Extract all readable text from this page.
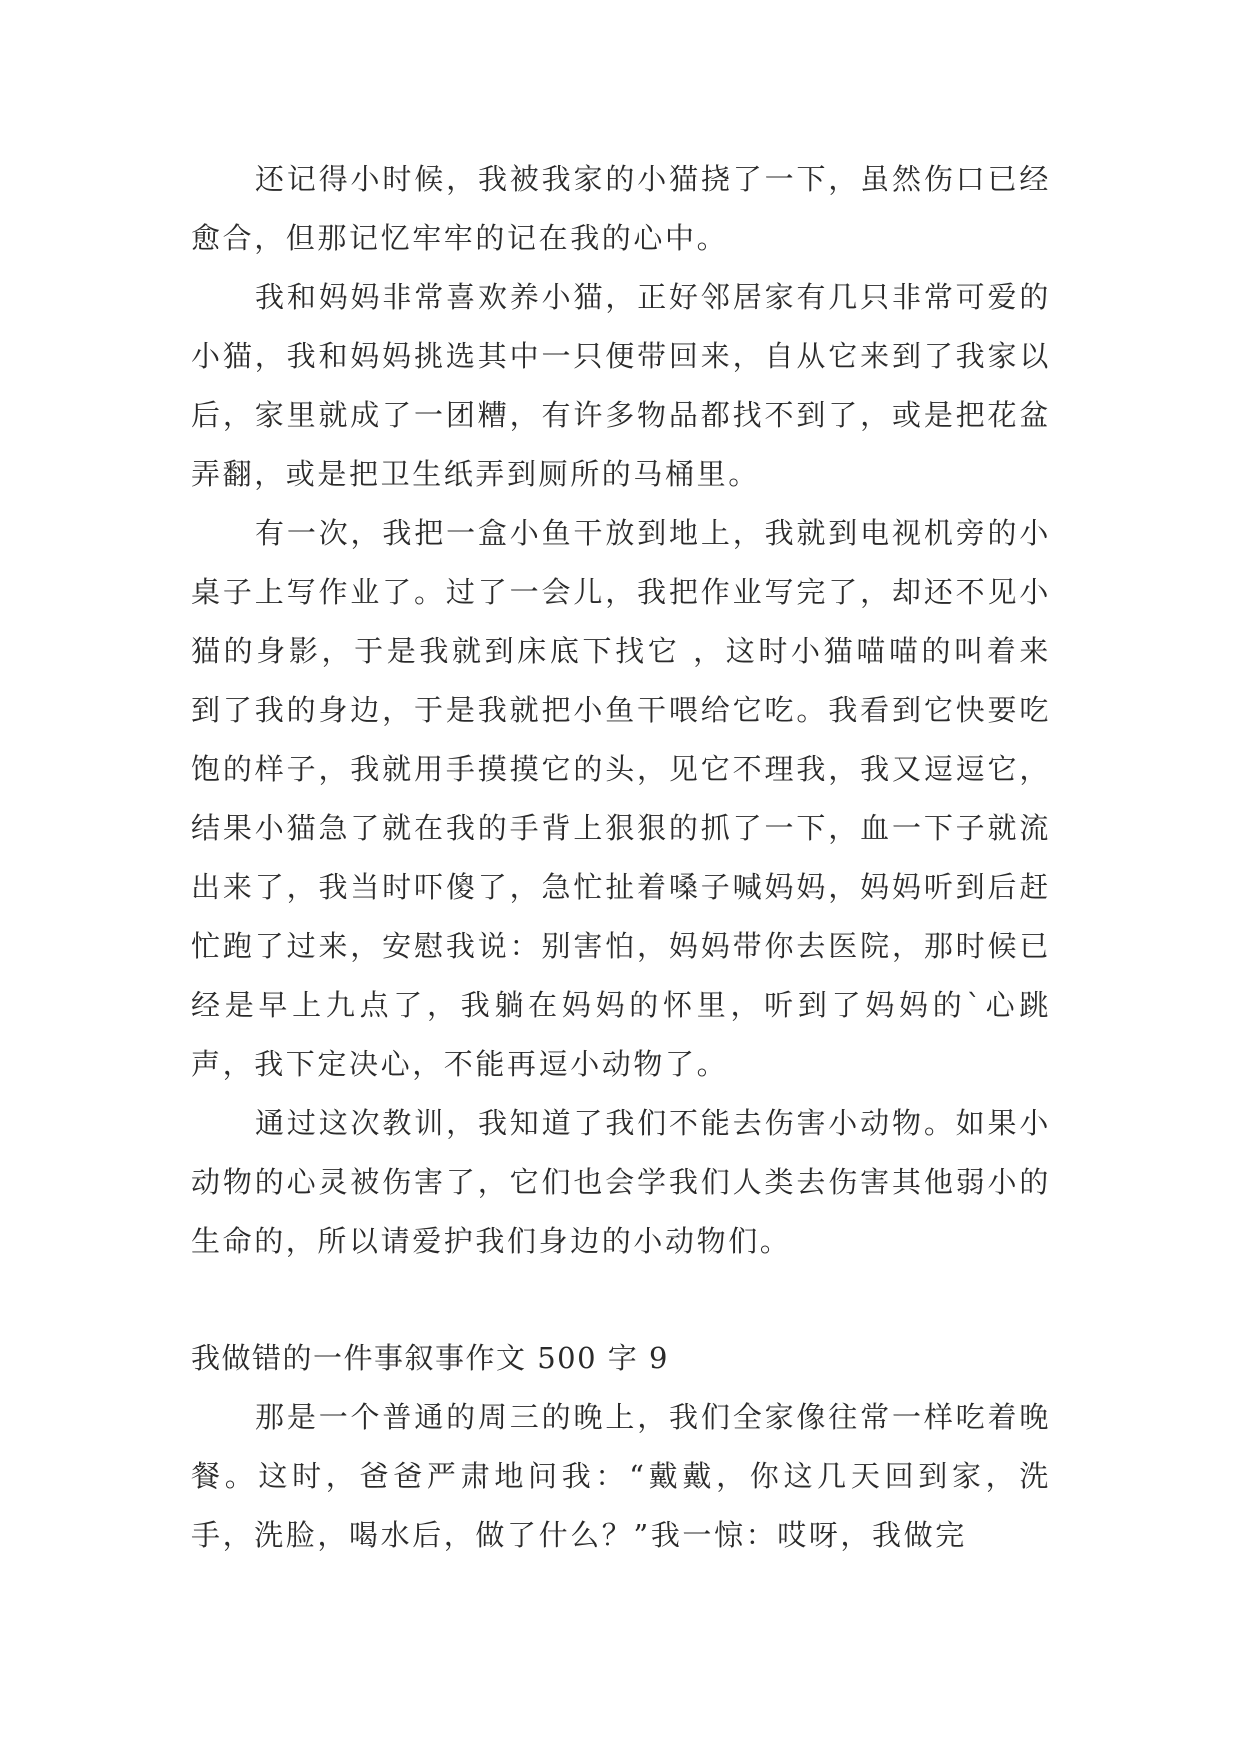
还记得小时候，我被我家的小猫挠了一下，虽然伤口已经愈合，但那记忆牢牢的记在我的心中。

我和妈妈非常喜欢养小猫，正好邻居家有几只非常可爱的小猫，我和妈妈挑选其中一只便带回来，自从它来到了我家以后，家里就成了一团糟，有许多物品都找不到了，或是把花盆弄翻，或是把卫生纸弄到厕所的马桶里。

有一次，我把一盒小鱼干放到地上，我就到电视机旁的小桌子上写作业了。过了一会儿，我把作业写完了，却还不见小猫的身影，于是我就到床底下找它 ，这时小猫喵喵的叫着来到了我的身边，于是我就把小鱼干喂给它吃。我看到它快要吃饱的样子，我就用手摸摸它的头，见它不理我，我又逗逗它，结果小猫急了就在我的手背上狠狠的抓了一下，血一下子就流出来了，我当时吓傻了，急忙扯着嗓子喊妈妈，妈妈听到后赶忙跑了过来，安慰我说：别害怕，妈妈带你去医院，那时候已经是早上九点了，我躺在妈妈的怀里，听到了妈妈的`心跳声，我下定决心，不能再逗小动物了。

通过这次教训，我知道了我们不能去伤害小动物。如果小动物的心灵被伤害了，它们也会学我们人类去伤害其他弱小的生命的，所以请爱护我们身边的小动物们。

我做错的一件事叙事作文 500 字 9

那是一个普通的周三的晚上，我们全家像往常一样吃着晚餐。这时，爸爸严肃地问我：“戴戴，你这几天回到家，洗手，洗脸，喝水后，做了什么？”我一惊：哎呀，我做完
